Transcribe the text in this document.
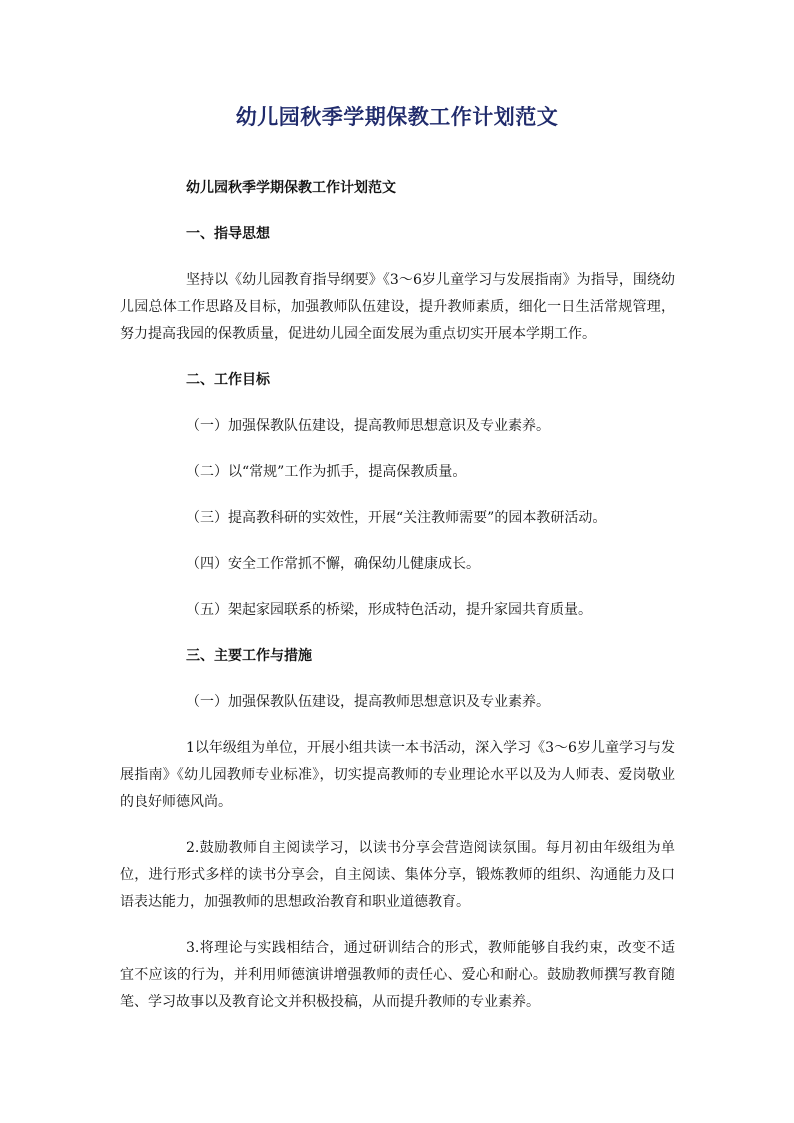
幼儿园秋季学期保教工作计划范文

幼儿园秋季学期保教工作计划范文

一、指导思想

坚持以《幼儿园教育指导纲要》《3～6岁儿童学习与发展指南》为指导，围绕幼儿园总体工作思路及目标，加强教师队伍建设，提升教师素质，细化一日生活常规管理，努力提高我园的保教质量，促进幼儿园全面发展为重点切实开展本学期工作。

二、工作目标

（一）加强保教队伍建设，提高教师思想意识及专业素养。

（二）以“常规”工作为抓手，提高保教质量。

（三）提高教科研的实效性，开展“关注教师需要”的园本教研活动。

（四）安全工作常抓不懈，确保幼儿健康成长。

（五）架起家园联系的桥梁，形成特色活动，提升家园共育质量。

三、主要工作与措施

（一）加强保教队伍建设，提高教师思想意识及专业素养。

1以年级组为单位，开展小组共读一本书活动，深入学习《3～6岁儿童学习与发展指南》《幼儿园教师专业标准》，切实提高教师的专业理论水平以及为人师表、爱岗敬业的良好师德风尚。

2.鼓励教师自主阅读学习，以读书分享会营造阅读氛围。每月初由年级组为单位，进行形式多样的读书分享会，自主阅读、集体分享，锻炼教师的组织、沟通能力及口语表达能力，加强教师的思想政治教育和职业道德教育。

3.将理论与实践相结合，通过研训结合的形式，教师能够自我约束，改变不适宜不应该的行为，并利用师德演讲增强教师的责任心、爱心和耐心。鼓励教师撰写教育随笔、学习故事以及教育论文并积极投稿，从而提升教师的专业素养。
